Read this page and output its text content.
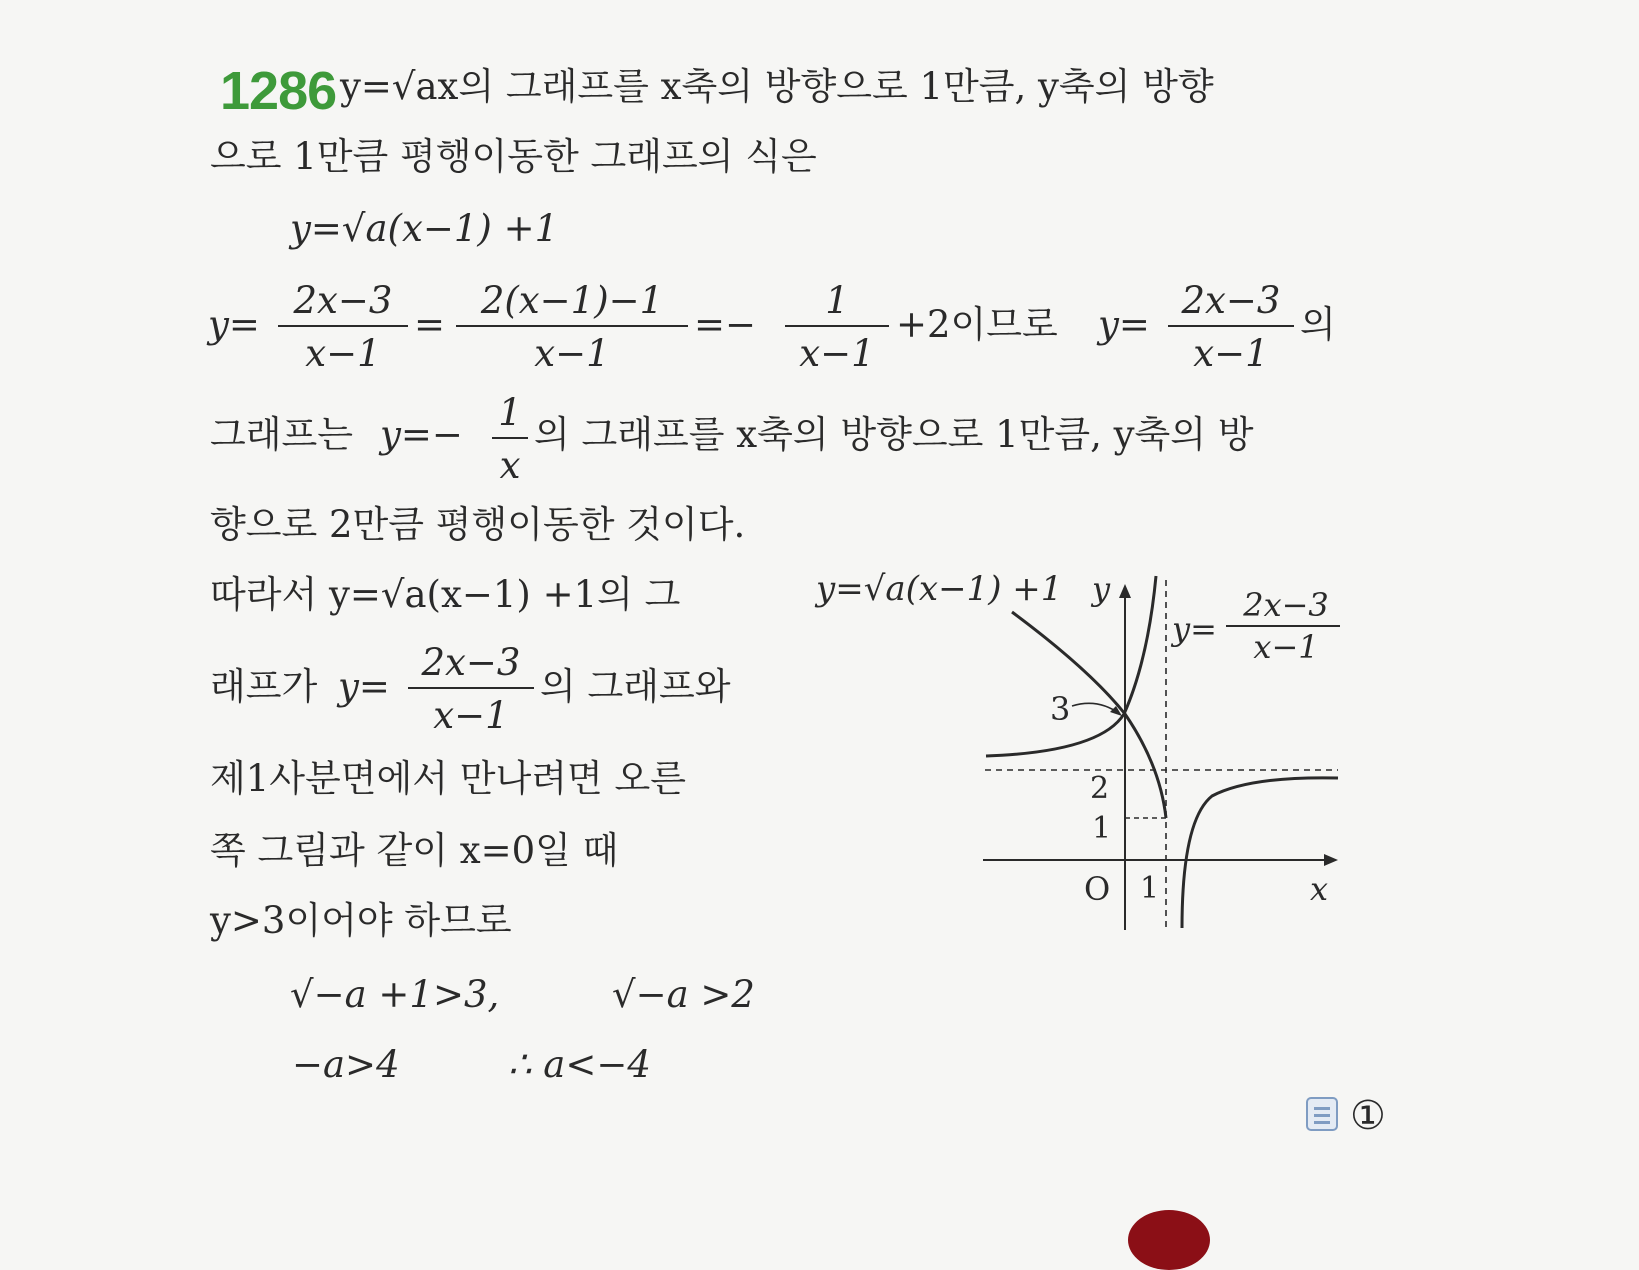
1286 y=√ax의 그래프를 x축의 방향으로 1만큼, y축의 방향
으로 1만큼 평행이동한 그래프의 식은
y=√a(x−1) +1
y=
2x−3
x−1
=
2(x−1)−1
x−1
=−
1
x−1
+2이므로 y=
2x−3
x−1
의
그래프는 y=−
1
x
의 그래프를 x축의 방향으로 1만큼, y축의 방
향으로 2만큼 평행이동한 것이다.
따라서 y=√a(x−1) +1의 그
래프가 y=
2x−3
x−1
의 그래프와
제1사분면에서 만나려면 오른
쪽 그림과 같이 x=0일 때
y>3이어야 하므로
√−a +1>3,	√−a >2
−a>4	∴ a<−4
①
y=√a(x−1) +1 y
y=
2x−3
x−1
3
2
1
O 1	x
